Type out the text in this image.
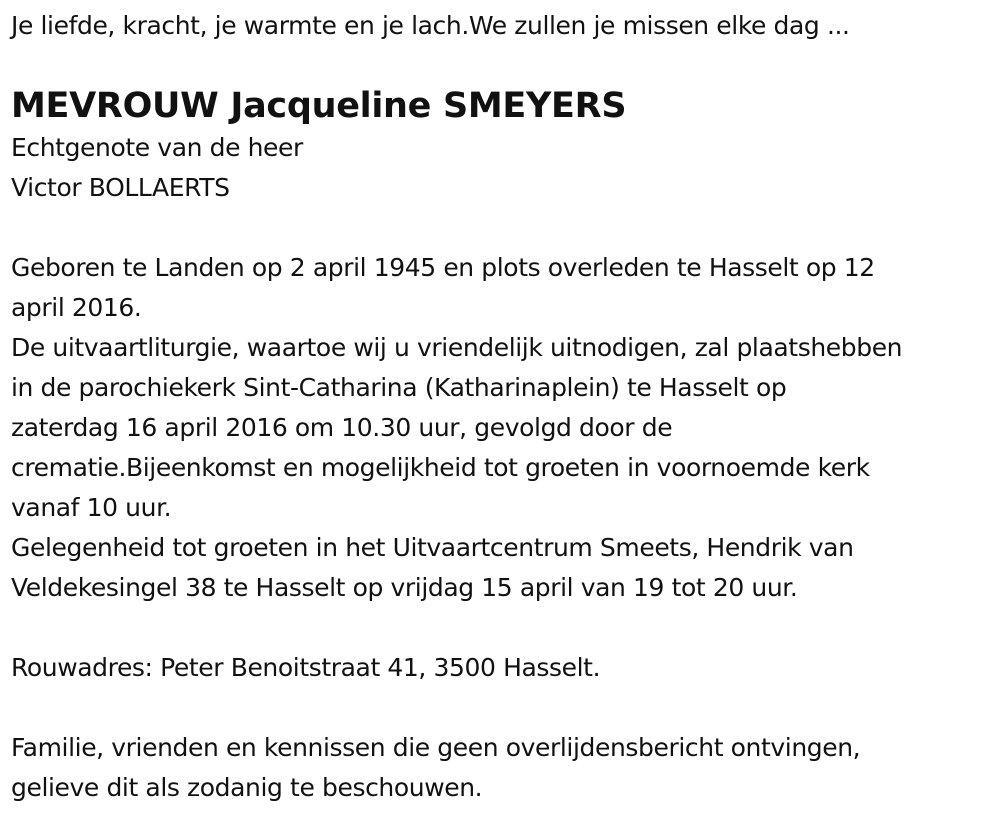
Je liefde, kracht, je warmte en je lach.We zullen je missen elke dag ...
MEVROUW Jacqueline SMEYERS
Echtgenote van de heer
Victor BOLLAERTS
Geboren te Landen op 2 april 1945 en plots overleden te Hasselt op 12
april 2016.
De uitvaartliturgie, waartoe wij u vriendelijk uitnodigen, zal plaatshebben
in de parochiekerk Sint-Catharina (Katharinaplein) te Hasselt op
zaterdag 16 april 2016 om 10.30 uur, gevolgd door de
crematie.Bijeenkomst en mogelijkheid tot groeten in voornoemde kerk
vanaf 10 uur.
Gelegenheid tot groeten in het Uitvaartcentrum Smeets, Hendrik van
Veldekesingel 38 te Hasselt op vrijdag 15 april van 19 tot 20 uur.
Rouwadres: Peter Benoitstraat 41, 3500 Hasselt.
Familie, vrienden en kennissen die geen overlijdensbericht ontvingen,
gelieve dit als zodanig te beschouwen.
